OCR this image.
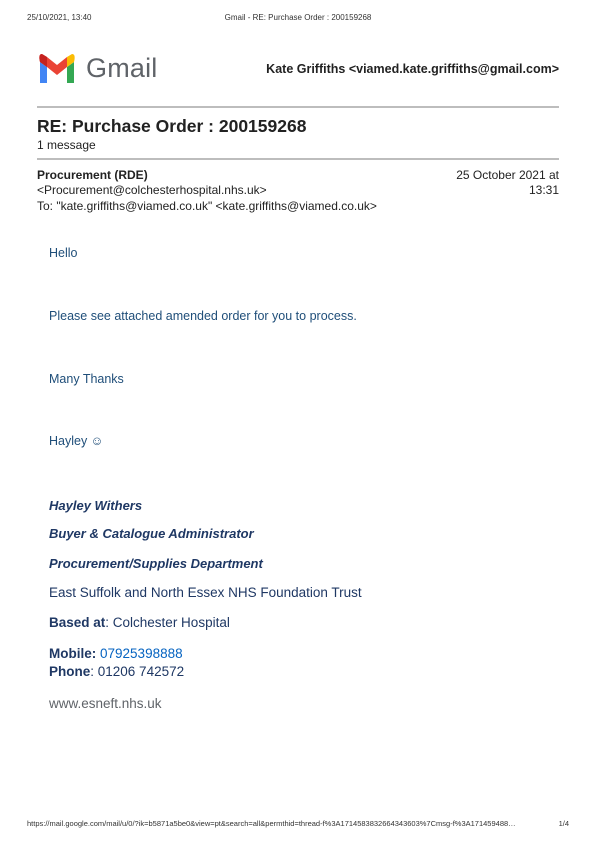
25/10/2021, 13:40	Gmail - RE: Purchase Order : 200159268
Gmail	Kate Griffiths <viamed.kate.griffiths@gmail.com>
RE: Purchase Order : 200159268
1 message
Procurement (RDE)
<Procurement@colchesterhospital.nhs.uk>
To: "kate.griffiths@viamed.co.uk" <kate.griffiths@viamed.co.uk>
25 October 2021 at
13:31
Hello
Please see attached amended order for you to process.
Many Thanks
Hayley ☺
Hayley Withers
Buyer & Catalogue Administrator
Procurement/Supplies Department
East Suffolk and North Essex NHS Foundation Trust
Based at: Colchester Hospital
Mobile: 07925398888
Phone: 01206 742572
www.esneft.nhs.uk
https://mail.google.com/mail/u/0/?ik=b5871a5be0&view=pt&search=all&permthid=thread-f%3A1714583832664343603%7Cmsg-f%3A171459488…	1/4
